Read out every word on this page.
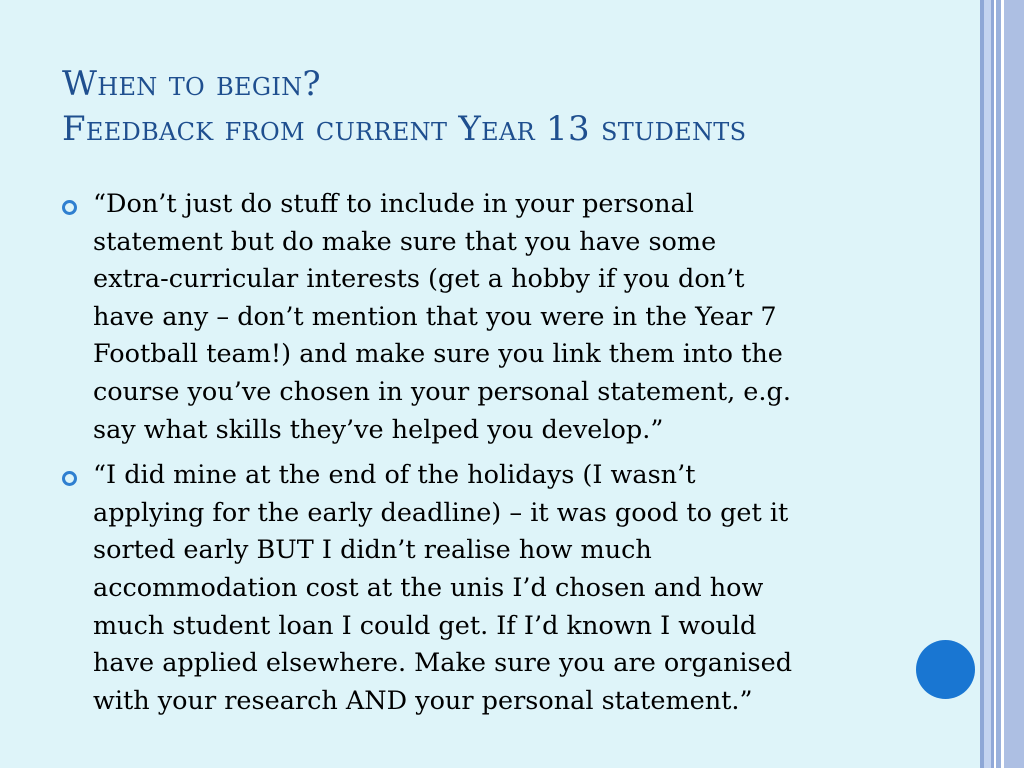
When to begin?
Feedback from current Year 13 students
“Don’t just do stuff to include in your personal
statement but do make sure that you have some
extra-curricular interests (get a hobby if you don’t
have any – don’t mention that you were in the Year 7
Football team!) and make sure you link them into the
course you’ve chosen in your personal statement, e.g.
say what skills they’ve helped you develop.”
“I did mine at the end of the holidays (I wasn’t
applying for the early deadline) – it was good to get it
sorted early BUT I didn’t realise how much
accommodation cost at the unis I’d chosen and how
much student loan I could get. If I’d known I would
have applied elsewhere. Make sure you are organised
with your research AND your personal statement.”
